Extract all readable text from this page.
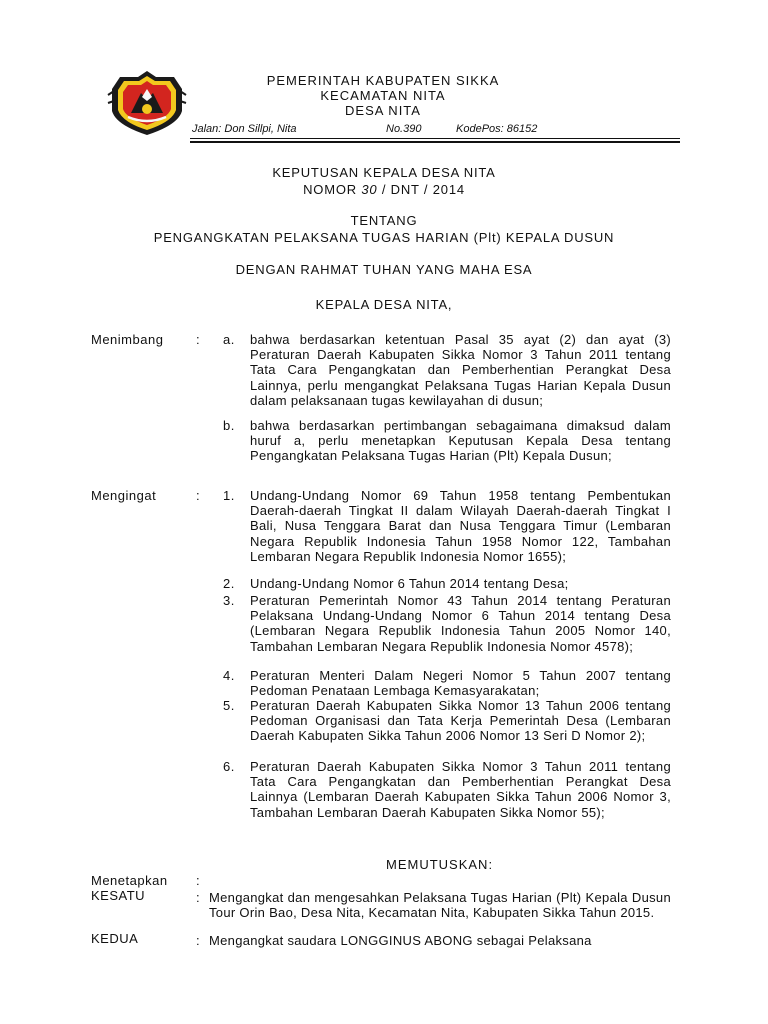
PEMERINTAH KABUPATEN SIKKA
KECAMATAN NITA
DESA NITA
Jalan: Don Sillpi, Nita	No.390	KodePos: 86152
KEPUTUSAN KEPALA DESA NITA
NOMOR 30 / DNT / 2014
TENTANG
PENGANGKATAN PELAKSANA TUGAS HARIAN (Plt) KEPALA DUSUN
DENGAN RAHMAT TUHAN YANG MAHA ESA
KEPALA DESA NITA,
Menimbang	: a. bahwa berdasarkan ketentuan Pasal 35 ayat (2) dan ayat (3) Peraturan Daerah Kabupaten Sikka Nomor 3 Tahun 2011 tentang Tata Cara Pengangkatan dan Pemberhentian Perangkat Desa Lainnya, perlu mengangkat Pelaksana Tugas Harian Kepala Dusun dalam pelaksanaan tugas kewilayahan di dusun;
b. bahwa berdasarkan pertimbangan sebagaimana dimaksud dalam huruf a, perlu menetapkan Keputusan Kepala Desa tentang Pengangkatan Pelaksana Tugas Harian (Plt) Kepala Dusun;
Mengingat	: 1. Undang-Undang Nomor 69 Tahun 1958 tentang Pembentukan Daerah-daerah Tingkat II dalam Wilayah Daerah-daerah Tingkat I Bali, Nusa Tenggara Barat dan Nusa Tenggara Timur (Lembaran Negara Republik Indonesia Tahun 1958 Nomor 122, Tambahan Lembaran Negara Republik Indonesia Nomor 1655);
2. Undang-Undang Nomor 6 Tahun 2014 tentang Desa;
3. Peraturan Pemerintah Nomor 43 Tahun 2014 tentang Peraturan Pelaksana Undang-Undang Nomor 6 Tahun 2014 tentang Desa (Lembaran Negara Republik Indonesia Tahun 2005 Nomor 140, Tambahan Lembaran Negara Republik Indonesia Nomor 4578);
4. Peraturan Menteri Dalam Negeri Nomor 5 Tahun 2007 tentang Pedoman Penataan Lembaga Kemasyarakatan;
5. Peraturan Daerah Kabupaten Sikka Nomor 13 Tahun 2006 tentang Pedoman Organisasi dan Tata Kerja Pemerintah Desa (Lembaran Daerah Kabupaten Sikka Tahun 2006 Nomor 13 Seri D Nomor 2);
6. Peraturan Daerah Kabupaten Sikka Nomor 3 Tahun 2011 tentang Tata Cara Pengangkatan dan Pemberhentian Perangkat Desa Lainnya (Lembaran Daerah Kabupaten Sikka Tahun 2006 Nomor 3, Tambahan Lembaran Daerah Kabupaten Sikka Nomor 55);
MEMUTUSKAN:
Menetapkan :
KESATU	: Mengangkat dan mengesahkan Pelaksana Tugas Harian (Plt) Kepala Dusun Tour Orin Bao, Desa Nita, Kecamatan Nita, Kabupaten Sikka Tahun 2015.
KEDUA	: Mengangkat saudara LONGGINUS ABONG sebagai Pelaksana
